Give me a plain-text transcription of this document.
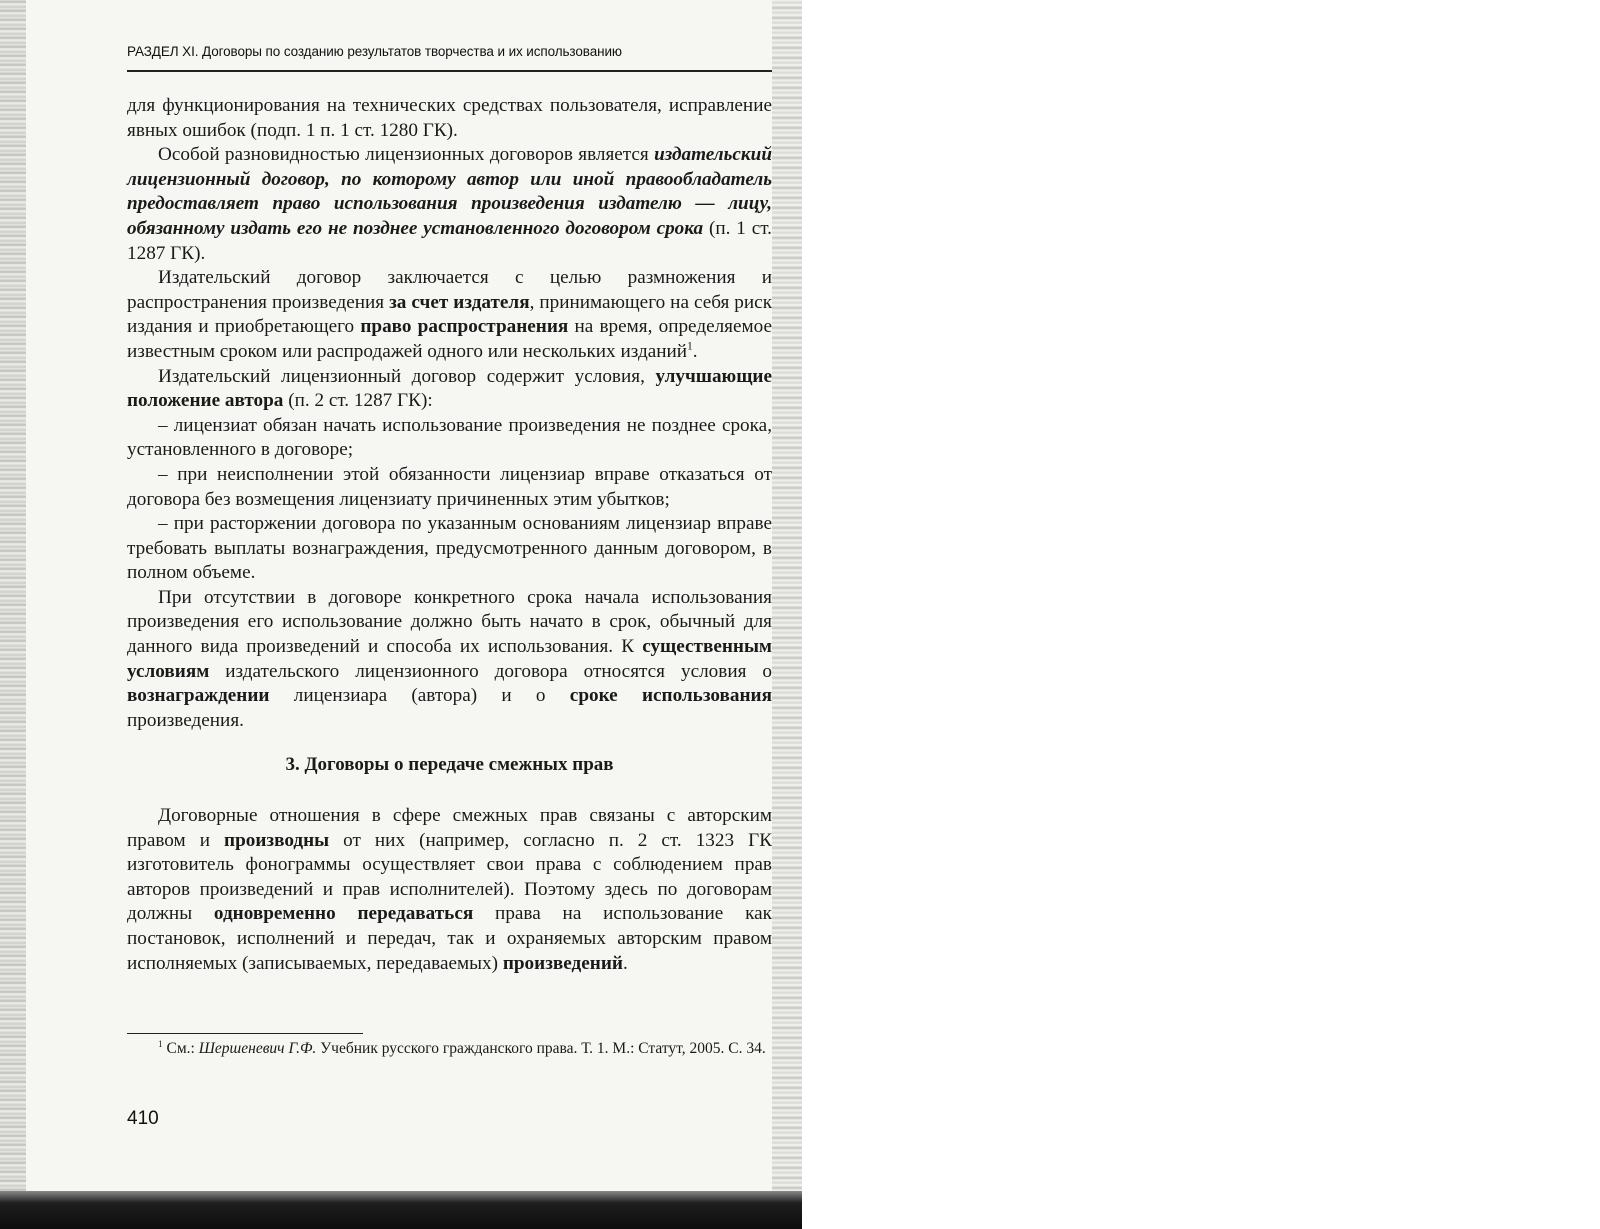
РАЗДЕЛ XI. Договоры по созданию результатов творчества и их использованию

для функционирования на технических средствах пользователя, исправление явных ошибок (подп. 1 п. 1 ст. 1280 ГК).

Особой разновидностью лицензионных договоров является издательский лицензионный договор, по которому автор или иной правообладатель предоставляет право использования произведения издателю — лицу, обязанному издать его не позднее установленного договором срока (п. 1 ст. 1287 ГК).

Издательский договор заключается с целью размножения и распространения произведения за счет издателя, принимающего на себя риск издания и приобретающего право распространения на время, определяемое известным сроком или распродажей одного или нескольких изданий$^1$.

Издательский лицензионный договор содержит условия, улучшающие положение автора (п. 2 ст. 1287 ГК):

– лицензиат обязан начать использование произведения не позднее срока, установленного в договоре;

– при неисполнении этой обязанности лицензиар вправе отказаться от договора без возмещения лицензиату причиненных этим убытков;

– при расторжении договора по указанным основаниям лицензиар вправе требовать выплаты вознаграждения, предусмотренного данным договором, в полном объеме.

При отсутствии в договоре конкретного срока начала использования произведения его использование должно быть начато в срок, обычный для данного вида произведений и способа их использования. К существенным условиям издательского лицензионного договора относятся условия о вознаграждении лицензиара (автора) и о сроке использования произведения.

3. Договоры о передаче смежных прав

Договорные отношения в сфере смежных прав связаны с авторским правом и производны от них (например, согласно п. 2 ст. 1323 ГК изготовитель фонограммы осуществляет свои права с соблюдением прав авторов произведений и прав исполнителей). Поэтому здесь по договорам должны одновременно передаваться права на использование как постановок, исполнений и передач, так и охраняемых авторским правом исполняемых (записываемых, передаваемых) произведений.

$^1$ См.: Шершеневич Г.Ф. Учебник русского гражданского права. Т. 1. М.: Статут, 2005. С. 34.

410
